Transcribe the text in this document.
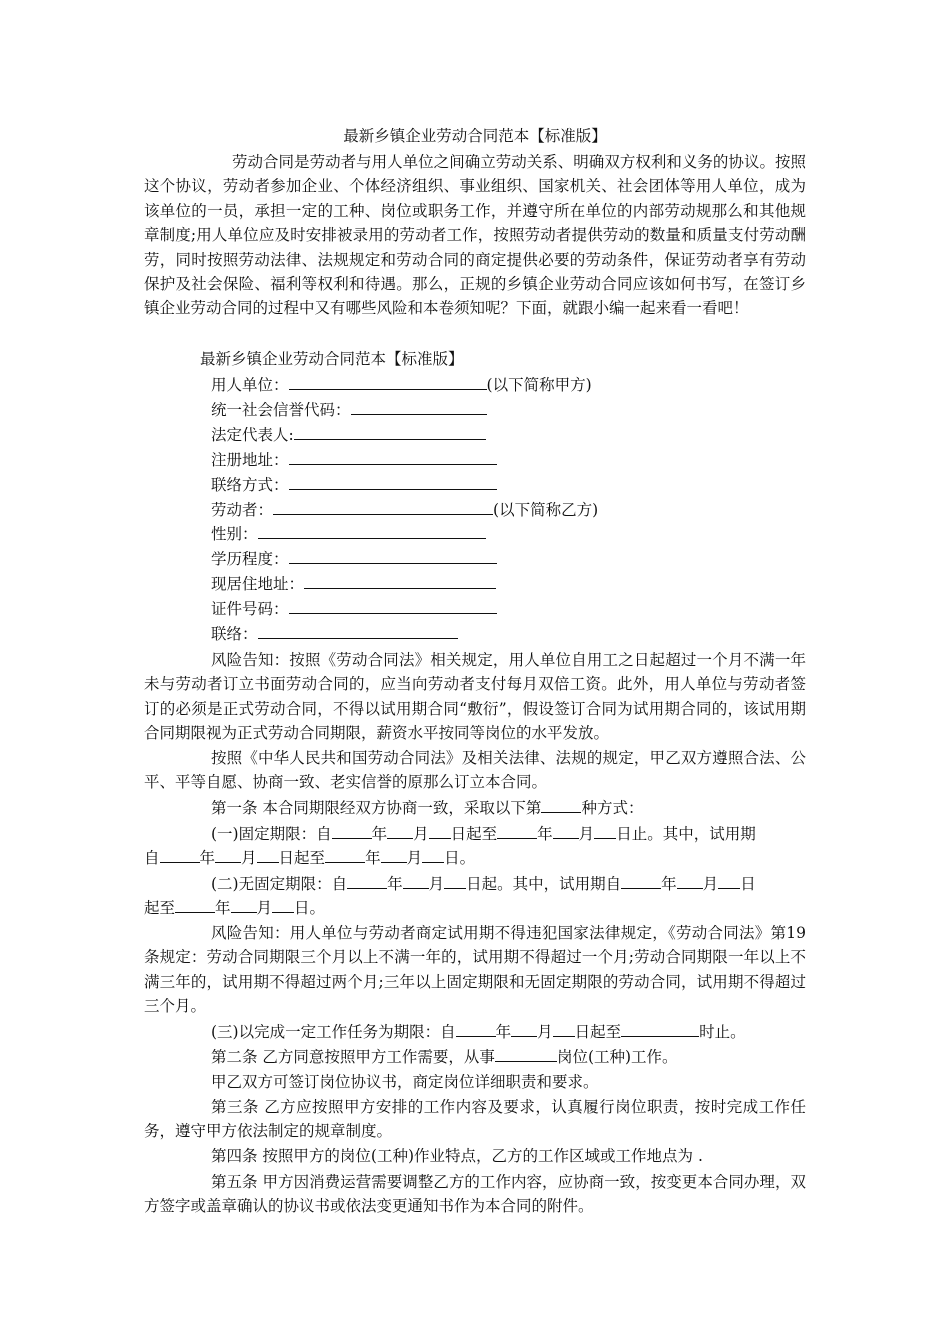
最新乡镇企业劳动合同范本【标准版】
劳动合同是劳动者与用人单位之间确立劳动关系、明确双方权利和义务的协议。按照这个协议，劳动者参加企业、个体经济组织、事业组织、国家机关、社会团体等用人单位，成为该单位的一员，承担一定的工种、岗位或职务工作，并遵守所在单位的内部劳动规那么和其他规章制度;用人单位应及时安排被录用的劳动者工作，按照劳动者提供劳动的数量和质量支付劳动酬劳，同时按照劳动法律、法规规定和劳动合同的商定提供必要的劳动条件，保证劳动者享有劳动保护及社会保险、福利等权利和待遇。那么，正规的乡镇企业劳动合同应该如何书写，在签订乡镇企业劳动合同的过程中又有哪些风险和本卷须知呢？下面，就跟小编一起来看一看吧！
最新乡镇企业劳动合同范本【标准版】
用人单位：	(以下简称甲方)
统一社会信誉代码：
法定代表人:
注册地址：
联络方式：
劳动者：	(以下简称乙方)
性别：
学历程度：
现居住地址：
证件号码：
联络：
风险告知：按照《劳动合同法》相关规定，用人单位自用工之日起超过一个月不满一年未与劳动者订立书面劳动合同的，应当向劳动者支付每月双倍工资。此外，用人单位与劳动者签订的必须是正式劳动合同，不得以试用期合同“敷衍”，假设签订合同为试用期合同的，该试用期合同期限视为正式劳动合同期限，薪资水平按同等岗位的水平发放。
按照《中华人民共和国劳动合同法》及相关法律、法规的规定，甲乙双方遵照合法、公平、平等自愿、协商一致、老实信誉的原那么订立本合同。
第一条 本合同期限经双方协商一致，采取以下第	种方式：
(一)固定期限：自	年 月 日起至	年 月 日止。其中，试用期
自	年 月 日起至	年 月 日。
(二)无固定期限：自	年 月 日起。其中，试用期自	年 月 日
起至	年 月 日。
风险告知：用人单位与劳动者商定试用期不得违犯国家法律规定，《劳动合同法》第19条规定：劳动合同期限三个月以上不满一年的，试用期不得超过一个月;劳动合同期限一年以上不满三年的，试用期不得超过两个月;三年以上固定期限和无固定期限的劳动合同，试用期不得超过三个月。
(三)以完成一定工作任务为期限：自	年 月 日起至	时止。
第二条 乙方同意按照甲方工作需要，从事	岗位(工种)工作。
甲乙双方可签订岗位协议书，商定岗位详细职责和要求。
第三条 乙方应按照甲方安排的工作内容及要求，认真履行岗位职责，按时完成工作任务，遵守甲方依法制定的规章制度。
第四条 按照甲方的岗位(工种)作业特点，乙方的工作区域或工作地点为 .
第五条 甲方因消费运营需要调整乙方的工作内容，应协商一致，按变更本合同办理，双方签字或盖章确认的协议书或依法变更通知书作为本合同的附件。
